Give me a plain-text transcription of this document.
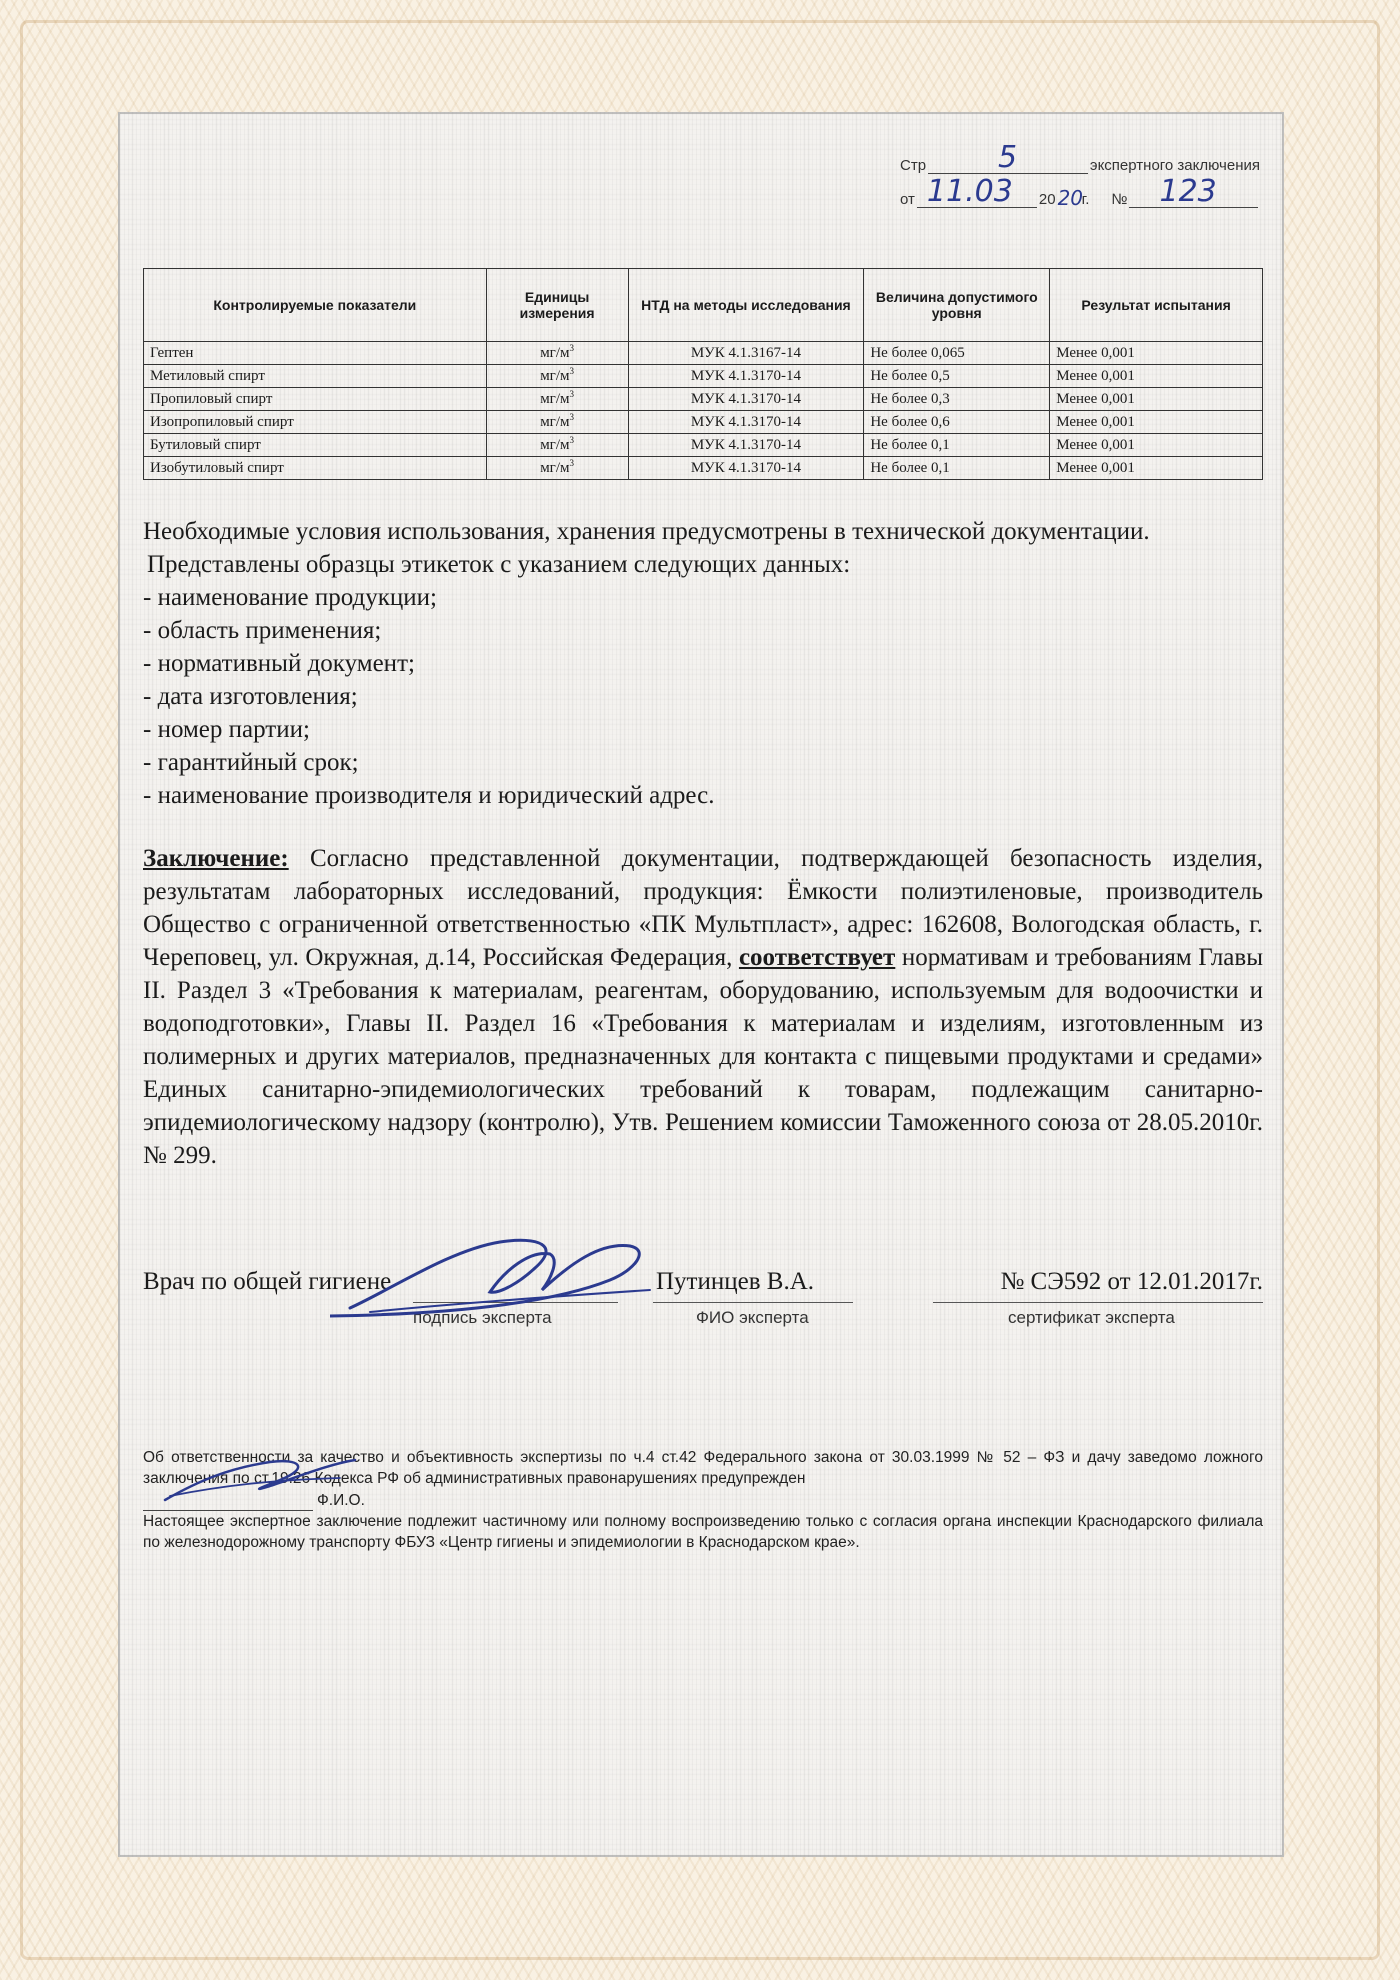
Стр 5	экспертного заключения
от 11.03 20 20
г. № 123
Контролируемые показатели	Единицы измерения	НТД на методы исследования	Величина допустимого уровня	Результат испытания
Гептен	$мг/м^3$	МУК 4.1.3167-14	Не более 0,065	Менее 0,001
Метиловый спирт	$мг/м^3$	МУК 4.1.3170-14	Не более 0,5	Менее 0,001
Пропиловый спирт	$мг/м^3$	МУК 4.1.3170-14	Не более 0,3	Менее 0,001
Изопропиловый спирт	$мг/м^3$	МУК 4.1.3170-14	Не более 0,6	Менее 0,001
Бутиловый спирт	$мг/м^3$	МУК 4.1.3170-14	Не более 0,1	Менее 0,001
Изобутиловый спирт	$мг/м^3$	МУК 4.1.3170-14	Не более 0,1	Менее 0,001

Необходимые условия использования, хранения предусмотрены в технической документации.

Представлены образцы этикеток с указанием следующих данных:

- наименование продукции;

- область применения;

- нормативный документ;

- дата изготовления;

- номер партии;

- гарантийный срок;

- наименование производителя и юридический адрес.

Заключение: Согласно представленной документации, подтверждающей безопасность изделия, результатам лабораторных исследований, продукция: Ёмкости полиэтиленовые, производитель Общество с ограниченной ответственностью «ПК Мультпласт», адрес: 162608, Вологодская область, г. Череповец, ул. Окружная, д.14, Российская Федерация, соответствует нормативам и требованиям Главы II. Раздел 3 «Требования к материалам, реагентам, оборудованию, используемым для водоочистки и водоподготовки», Главы II. Раздел 16 «Требования к материалам и изделиям, изготовленным из полимерных и других материалов, предназначенных для контакта с пищевыми продуктами и средами» Единых санитарно-эпидемиологических требований к товарам, подлежащим санитарно-эпидемиологическому надзору (контролю), Утв. Решением комиссии Таможенного союза от 28.05.2010г. № 299.

Врач по общей гигиене	Путинцев В.А.	№ СЭ592 от 12.01.2017г.
подпись эксперта	ФИО эксперта	сертификат эксперта

Об ответственности за качество и объективность экспертизы по ч.4 ст.42 Федерального закона от 30.03.1999 № 52 – ФЗ и дачу заведомо ложного заключения по ст.19.26 Кодекса РФ об административных правонарушениях предупрежден

Ф.И.О.

Настоящее экспертное заключение подлежит частичному или полному воспроизведению только с согласия органа инспекции Краснодарского филиала по железнодорожному транспорту ФБУЗ «Центр гигиены и эпидемиологии в Краснодарском крае».
